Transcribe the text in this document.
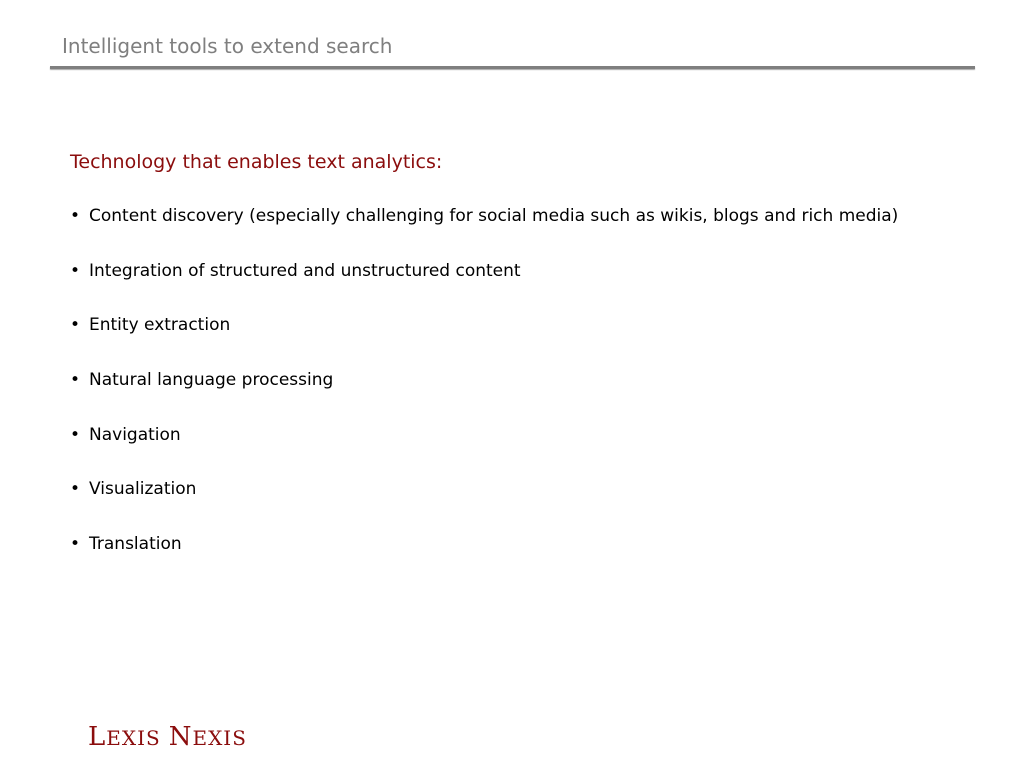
Intelligent tools to extend search
Technology that enables text analytics:
• Content discovery (especially challenging for social media such as wikis, blogs and rich media)
• Integration of structured and unstructured content
• Entity extraction
• Natural language processing
• Navigation
• Visualization
• Translation
LEXIS NEXIS
